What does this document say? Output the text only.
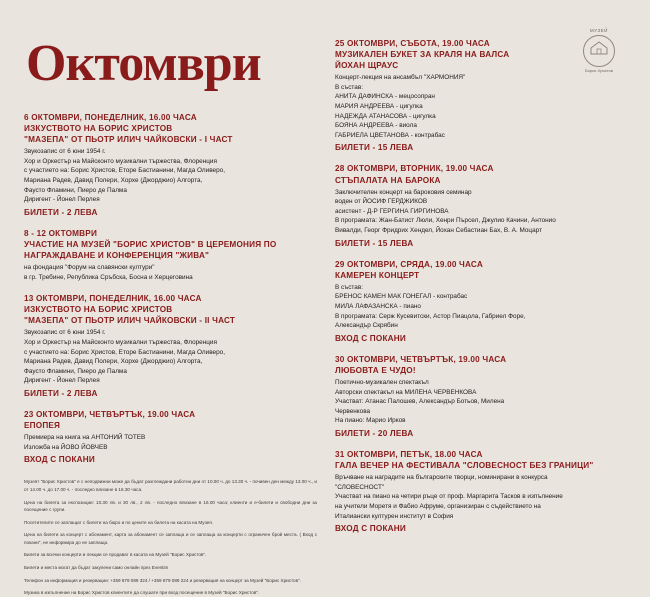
Октомври
6 ОКТОМВРИ, ПОНЕДЕЛНИК, 16.00 ЧАСА
ИЗКУСТВОТО НА БОРИС ХРИСТОВ
"МАЗЕПА" ОТ ПЬОТР ИЛИЧ ЧАЙКОВСКИ - I ЧАСТ
Звукозапис от 6 юни 1954 г.
Хор и Оркестър на Майсконто музикални тържества, Флоренция
с участието на: Борис Христов, Еторе Бастианини, Магда Оливеро,
Мариана Радев, Давид Полери, Хорхе (Джорджио) Алгорта,
Фаусто Фламини, Пиеро де Палма
Диригент - Йонел Перлея
БИЛЕТИ - 2 ЛЕВА
8 - 12 ОКТОМВРИ
УЧАСТИЕ НА МУЗЕЙ "БОРИС ХРИСТОВ" В ЦЕРЕМОНИЯ ПО
НАГРАЖДАВАНЕ И КОНФЕРЕНЦИЯ "ЖИВА"
на фондация "Форум на славянски култури"
в гр. Требине, Република Сръбска, Босна и Херцеговина
13 ОКТОМВРИ, ПОНЕДЕЛНИК, 16.00 ЧАСА
ИЗКУСТВОТО НА БОРИС ХРИСТОВ
"МАЗЕПА" ОТ ПЬОТР ИЛИЧ ЧАЙКОВСКИ - II ЧАСТ
Звукозапис от 6 юни 1954 г.
Хор и Оркестър на Майсконто музикални тържества, Флоренция
с участието на: Борис Христов, Еторе Бастианини, Магда Оливеро,
Мариана Радев, Давид Полери, Хорхе (Джорджио) Алгорта,
Фаусто Фламини, Пиеро де Палма
Диригент - Йонел Перлея
БИЛЕТИ - 2 ЛЕВА
23 ОКТОМВРИ, ЧЕТВЪРТЪК, 19.00 ЧАСА
ЕПОПЕЯ
Премиера на книга на АНТОНИЙ ТОТЕВ
Изложба на ЙОВО ЙОВЧЕВ
ВХОД С ПОКАНИ

Музеят "Борис Христов" е с неподвижни може да бъдат разглеждани работни дни от 10.00 ч. до 13.30 ч. - почивен ден между 13.00 ч., и от 14.00 ч. до 17.00 ч. - последно влизане в 16.30 часа.

Цена на билета за експозиции: 10.30 лв. и 30 лв., 2 лв. - последно влизане в 16.00 часа; клиенти и е-билети и свободни дни за посещение с групи.

Посетителите се заплащат с билети на бюро и по цените на билета на касата на Музея.

Цена на билети за концерт с абонамент, карта за абонамент се заплаща и се заплаща за концерти с ограничен брой места. ( Вход с покани", не информира до не заплаща.

Билети за всички концерти и лекции се продават в касата на Музей "Борис Христов".

Билети и места могат да бъдат закупени само онлайн през Еventim

Телефон за информация и резервации: +359 879 089 324 / +359 879 089 224 и резервация на концерт за Музей "Борис Христов".

Музика в изпълнение на Борис Христов клиентите да слушате при вход посещение в Музей "Борис Христов".

МУЗЕЙ
Борис Христов
25 ОКТОМВРИ, СЪБОТА, 19.00 ЧАСА
МУЗИКАЛЕН БУКЕТ ЗА КРАЛЯ НА ВАЛСА
ЙОХАН ЩРАУС
Концерт-лекция на ансамбъл "ХАРМОНИЯ"
В състав:
АНИТА ДАФИНСКА - мецосопран
МАРИЯ АНДРЕЕВА - цигулка
НАДЕЖДА АТАНАСОВА - цигулка
БОЯНА АНДРЕЕВА - виола
ГАБРИЕЛА ЦВЕТАНОВА - контрабас
БИЛЕТИ - 15 ЛЕВА
28 ОКТОМВРИ, ВТОРНИК, 19.00 ЧАСА
СТЪПАЛАТА НА БАРОКА
Заключителен концерт на бароковия семинар
воден от ЙОСИФ ГЕРДЖИКОВ
асистент - Д-Р ГЕРГИНА ГИРГИНОВА
В програмата: Жан-Батист Люли, Хенри Пърсел, Джулио Качини, Антонио
Вивалди, Георг Фридрих Хендел, Йохан Себастиан Бах, В. А. Моцарт
БИЛЕТИ - 15 ЛЕВА
29 ОКТОМВРИ, СРЯДА, 19.00 ЧАСА
КАМЕРЕН КОНЦЕРТ
В състав:
БРЕНОС КАМЕН МАК ГОНЕГАЛ - контрабас
МИЛА ЛАФАЗАНСКА - пиано
В програмата: Серж Кусевитски, Астор Пиацола, Габриел Форе,
Александър Скрябин
ВХОД С ПОКАНИ
30 ОКТОМВРИ, ЧЕТВЪРТЪК, 19.00 ЧАСА
ЛЮБОВТА Е ЧУДО!
Поетично-музикален спектакъл
Авторски спектакъл на МИЛЕНА ЧЕРВЕНКОВА
Участват: Атанас Палошев, Александър Ботьов, Милена
Червенкова
На пиано: Марио Ирков
БИЛЕТИ - 20 ЛЕВА
31 ОКТОМВРИ, ПЕТЪК, 18.00 ЧАСА
ГАЛА ВЕЧЕР НА ФЕСТИВАЛА "СЛОВЕСНОСТ БЕЗ ГРАНИЦИ"
Връчване на наградите на българските творци, номинирани в конкурса
"СЛОВЕСНОСТ"
Участват на пиано на четири ръце от проф. Маргарита Тасков в изпълнение
на учители Моретя и Фабио Афруме, организиран с съдействието на
Италиански културен институт в София
ВХОД С ПОКАНИ
